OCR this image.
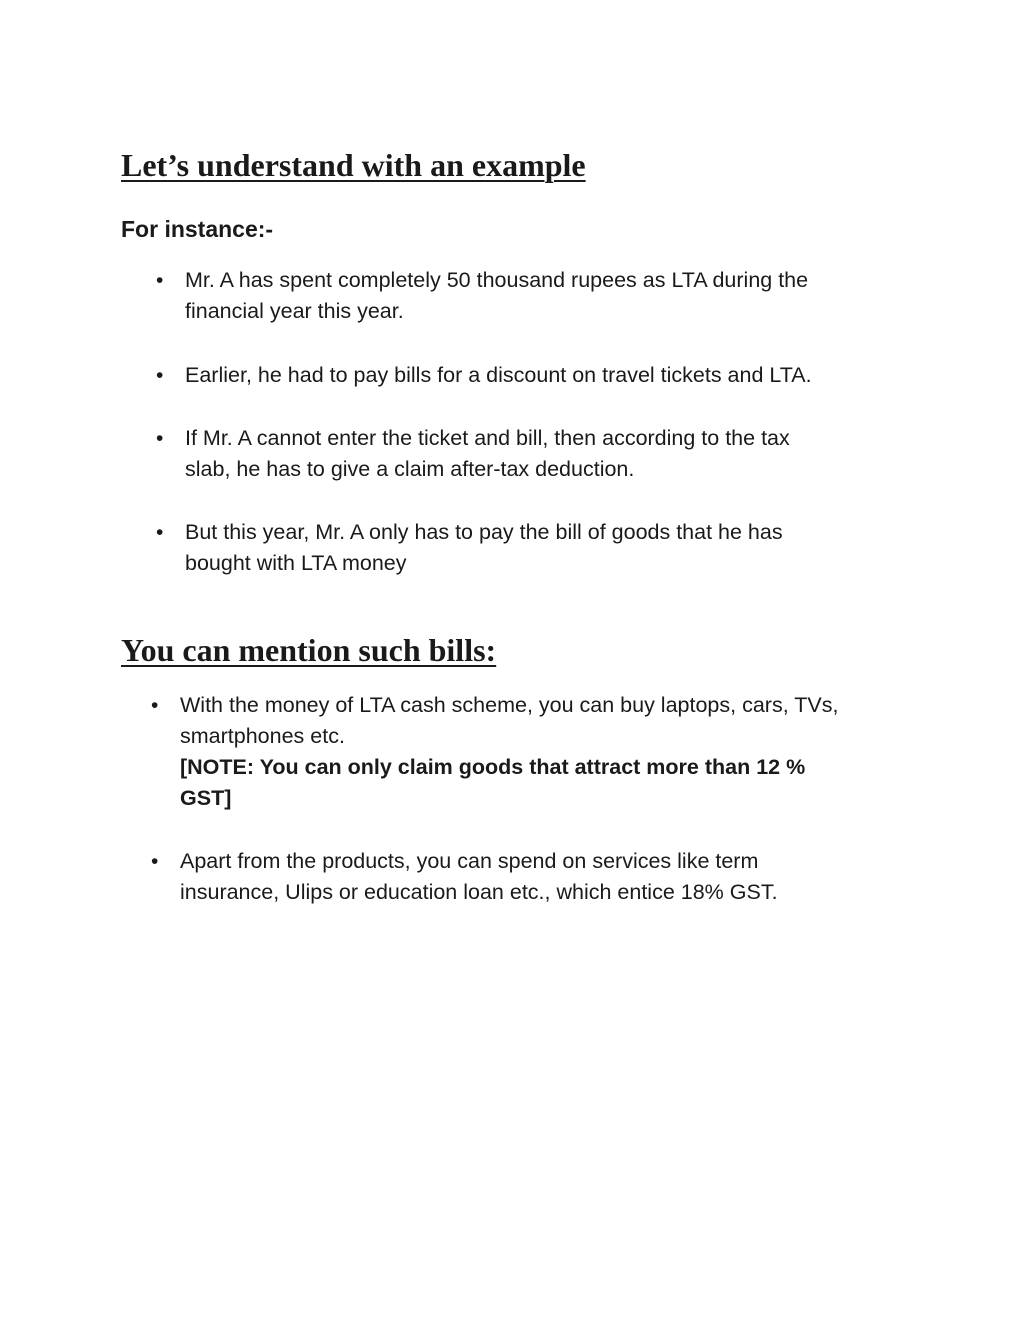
Let’s understand with an example
For instance:-
• Mr. A has spent completely 50 thousand rupees as LTA during the
financial year this year.
• Earlier, he had to pay bills for a discount on travel tickets and LTA.
• If Mr. A cannot enter the ticket and bill, then according to the tax
slab, he has to give a claim after-tax deduction.
• But this year, Mr. A only has to pay the bill of goods that he has
bought with LTA money
You can mention such bills:
• With the money of LTA cash scheme, you can buy laptops, cars, TVs,
smartphones etc.
[NOTE: You can only claim goods that attract more than 12 %
GST]
• Apart from the products, you can spend on services like term
insurance, Ulips or education loan etc., which entice 18% GST.
